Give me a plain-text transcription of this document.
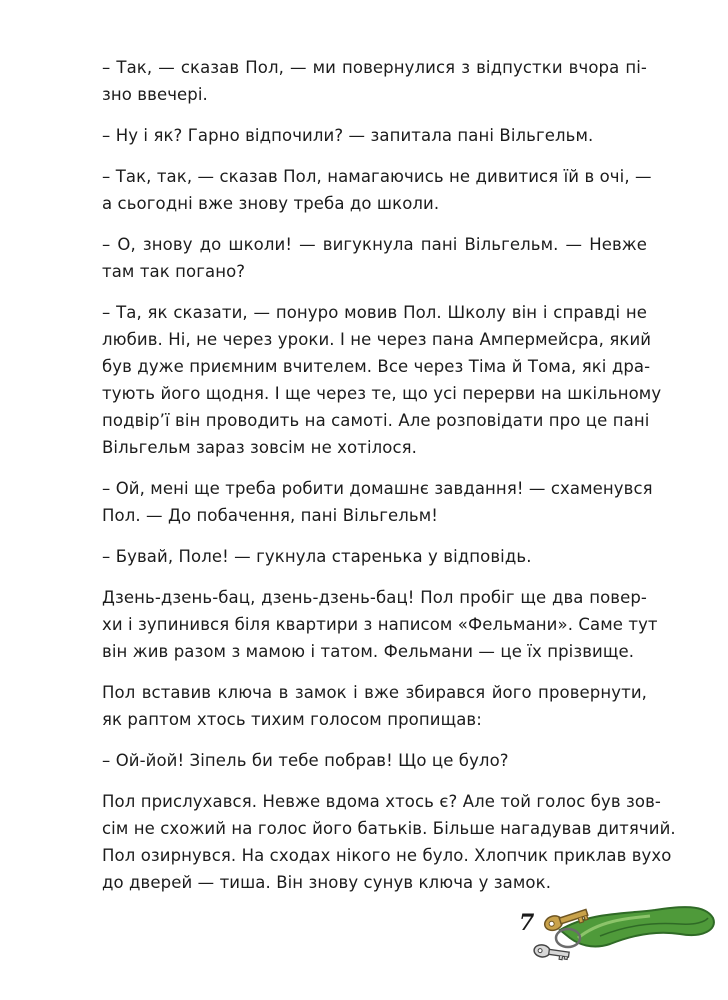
– Так, — сказав Пол, — ми повернулися з відпустки вчора пі-
зно ввечері.
– Ну і як? Гарно відпочили? — запитала пані Вільгельм.
– Так, так, — сказав Пол, намагаючись не дивитися їй в очі, —
а сьогодні вже знову треба до школи.
– О, знову до школи! — вигукнула пані Вільгельм. — Невже
там так погано?
– Та, як сказати, — понуро мовив Пол. Школу він і справді не
любив. Ні, не через уроки. І не через пана Ампермейсра, який
був дуже приємним вчителем. Все через Тіма й Тома, які дра-
тують його щодня. І ще через те, що усі перерви на шкільному
подвір’ї він проводить на самоті. Але розповідати про це пані
Вільгельм зараз зовсім не хотілося.
– Ой, мені ще треба робити домашнє завдання! — схаменувся
Пол. — До побачення, пані Вільгельм!
– Бувай, Поле! — гукнула старенька у відповідь.
Дзень-дзень-бац, дзень-дзень-бац! Пол пробіг ще два повер-
хи і зупинився біля квартири з написом «Фельмани». Саме тут
він жив разом з мамою і татом. Фельмани — це їх прізвище.
Пол вставив ключа в замок і вже збирався його провернути,
як раптом хтось тихим голосом пропищав:
– Ой-йой! Зіпель би тебе побрав! Що це було?
Пол прислухався. Невже вдома хтось є? Але той голос був зов-
сім не схожий на голос його батьків. Більше нагадував дитячий.
Пол озирнувся. На сходах нікого не було. Хлопчик приклав вухо
до дверей — тиша. Він знову сунув ключа у замок.
7
